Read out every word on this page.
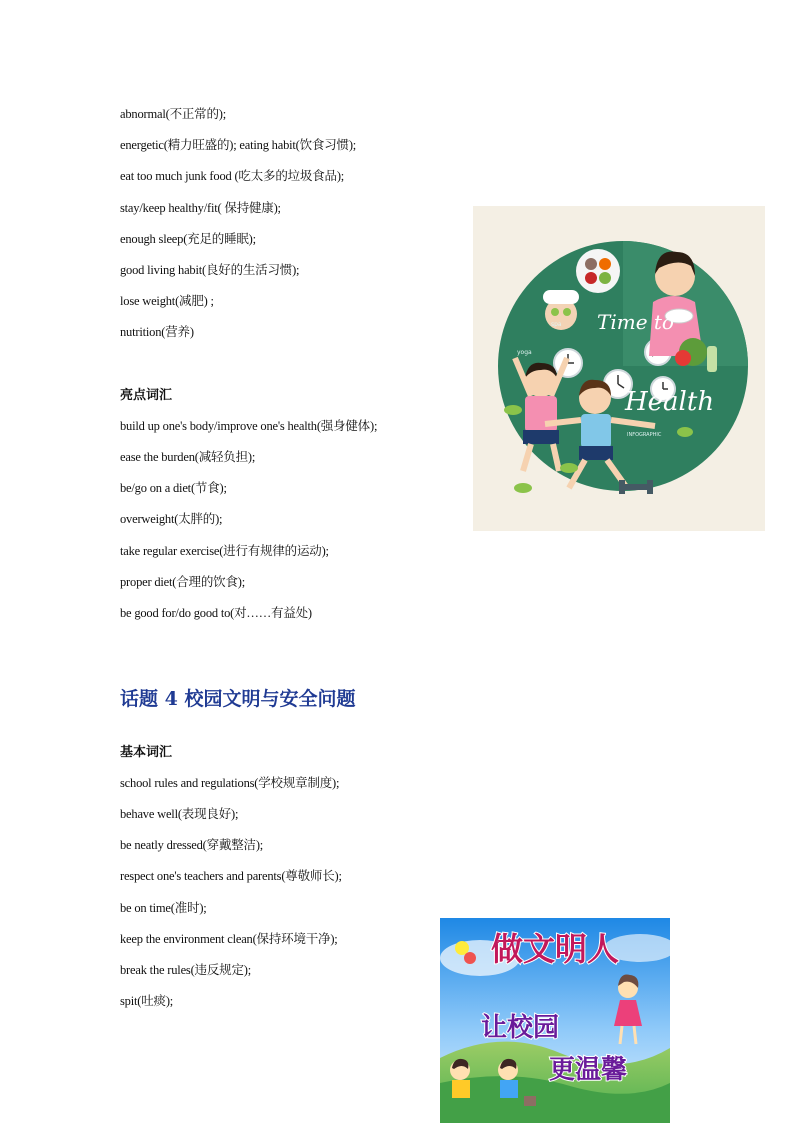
abnormal(不正常的);
energetic(精力旺盛的); eating habit(饮食习惯);
eat too much junk food (吃太多的垃圾食品);
stay/keep healthy/fit( 保持健康);
enough sleep(充足的睡眠);
good living habit(良好的生活习惯);
lose weight(减肥) ;
nutrition(营养)
亮点词汇
build up one's body/improve one's health(强身健体);
ease the burden(减轻负担);
be/go on a diet(节食);
overweight(太胖的);
take regular exercise(进行有规律的运动);
proper diet(合理的饮食);
be good for/do good to(对……有益处)
Time to
Health
spa
yoga
INFOGRAPHIC
话题 4 校园文明与安全问题
基本词汇
school rules and regulations(学校规章制度);
behave well(表现良好);
be neatly dressed(穿戴整洁);
respect one's teachers and parents(尊敬师长);
be on time(准时);
keep the environment clean(保持环境干净);
break the rules(违反规定);
spit(吐痰);
做文明人
让校园
更温馨
